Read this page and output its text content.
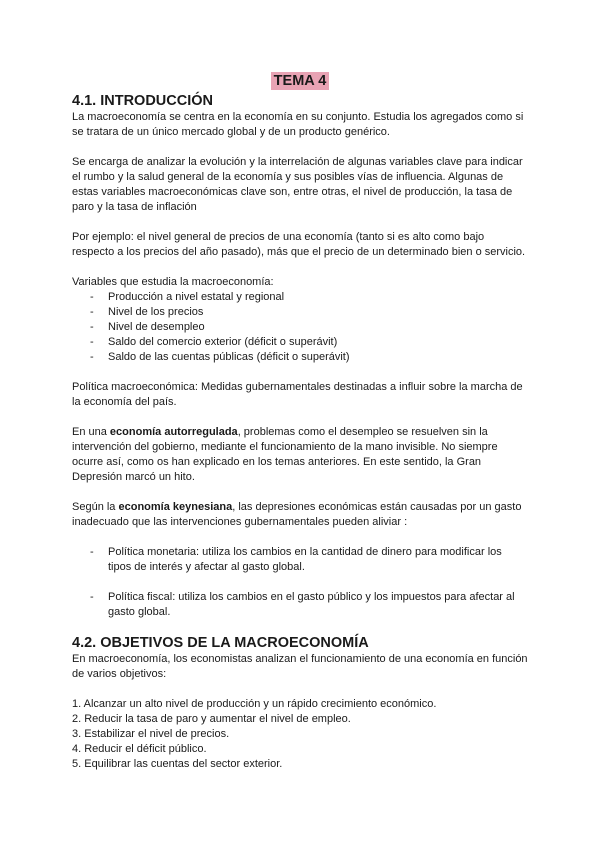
TEMA 4
4.1. INTRODUCCIÓN

La macroeconomía se centra en la economía en su conjunto. Estudia los agregados como si se tratara de un único mercado global y de un producto genérico.

Se encarga de analizar la evolución y la interrelación de algunas variables clave para indicar el rumbo y la salud general de la economía y sus posibles vías de influencia. Algunas de estas variables macroeconómicas clave son, entre otras, el nivel de producción, la tasa de paro y la tasa de inflación

Por ejemplo: el nivel general de precios de una economía (tanto si es alto como bajo respecto a los precios del año pasado), más que el precio de un determinado bien o servicio.

Variables que estudia la macroeconomía:

- Producción a nivel estatal y regional
- Nivel de los precios
- Nivel de desempleo
- Saldo del comercio exterior (déficit o superávit)
- Saldo de las cuentas públicas (déficit o superávit)

Política macroeconómica: Medidas gubernamentales destinadas a influir sobre la marcha de la economía del país.

En una economía autorregulada, problemas como el desempleo se resuelven sin la intervención del gobierno, mediante el funcionamiento de la mano invisible. No siempre ocurre así, como os han explicado en los temas anteriores. En este sentido, la Gran Depresión marcó un hito.

Según la economía keynesiana, las depresiones económicas están causadas por un gasto inadecuado que las intervenciones gubernamentales pueden aliviar :

- Política monetaria: utiliza los cambios en la cantidad de dinero para modificar los tipos de interés y afectar al gasto global.
- Política fiscal: utiliza los cambios en el gasto público y los impuestos para afectar al gasto global.
4.2. OBJETIVOS DE LA MACROECONOMÍA

En macroeconomía, los economistas analizan el funcionamiento de una economía en función de varios objetivos:

1. Alcanzar un alto nivel de producción y un rápido crecimiento económico.
2. Reducir la tasa de paro y aumentar el nivel de empleo.
3. Estabilizar el nivel de precios.
4. Reducir el déficit público.
5. Equilibrar las cuentas del sector exterior.
